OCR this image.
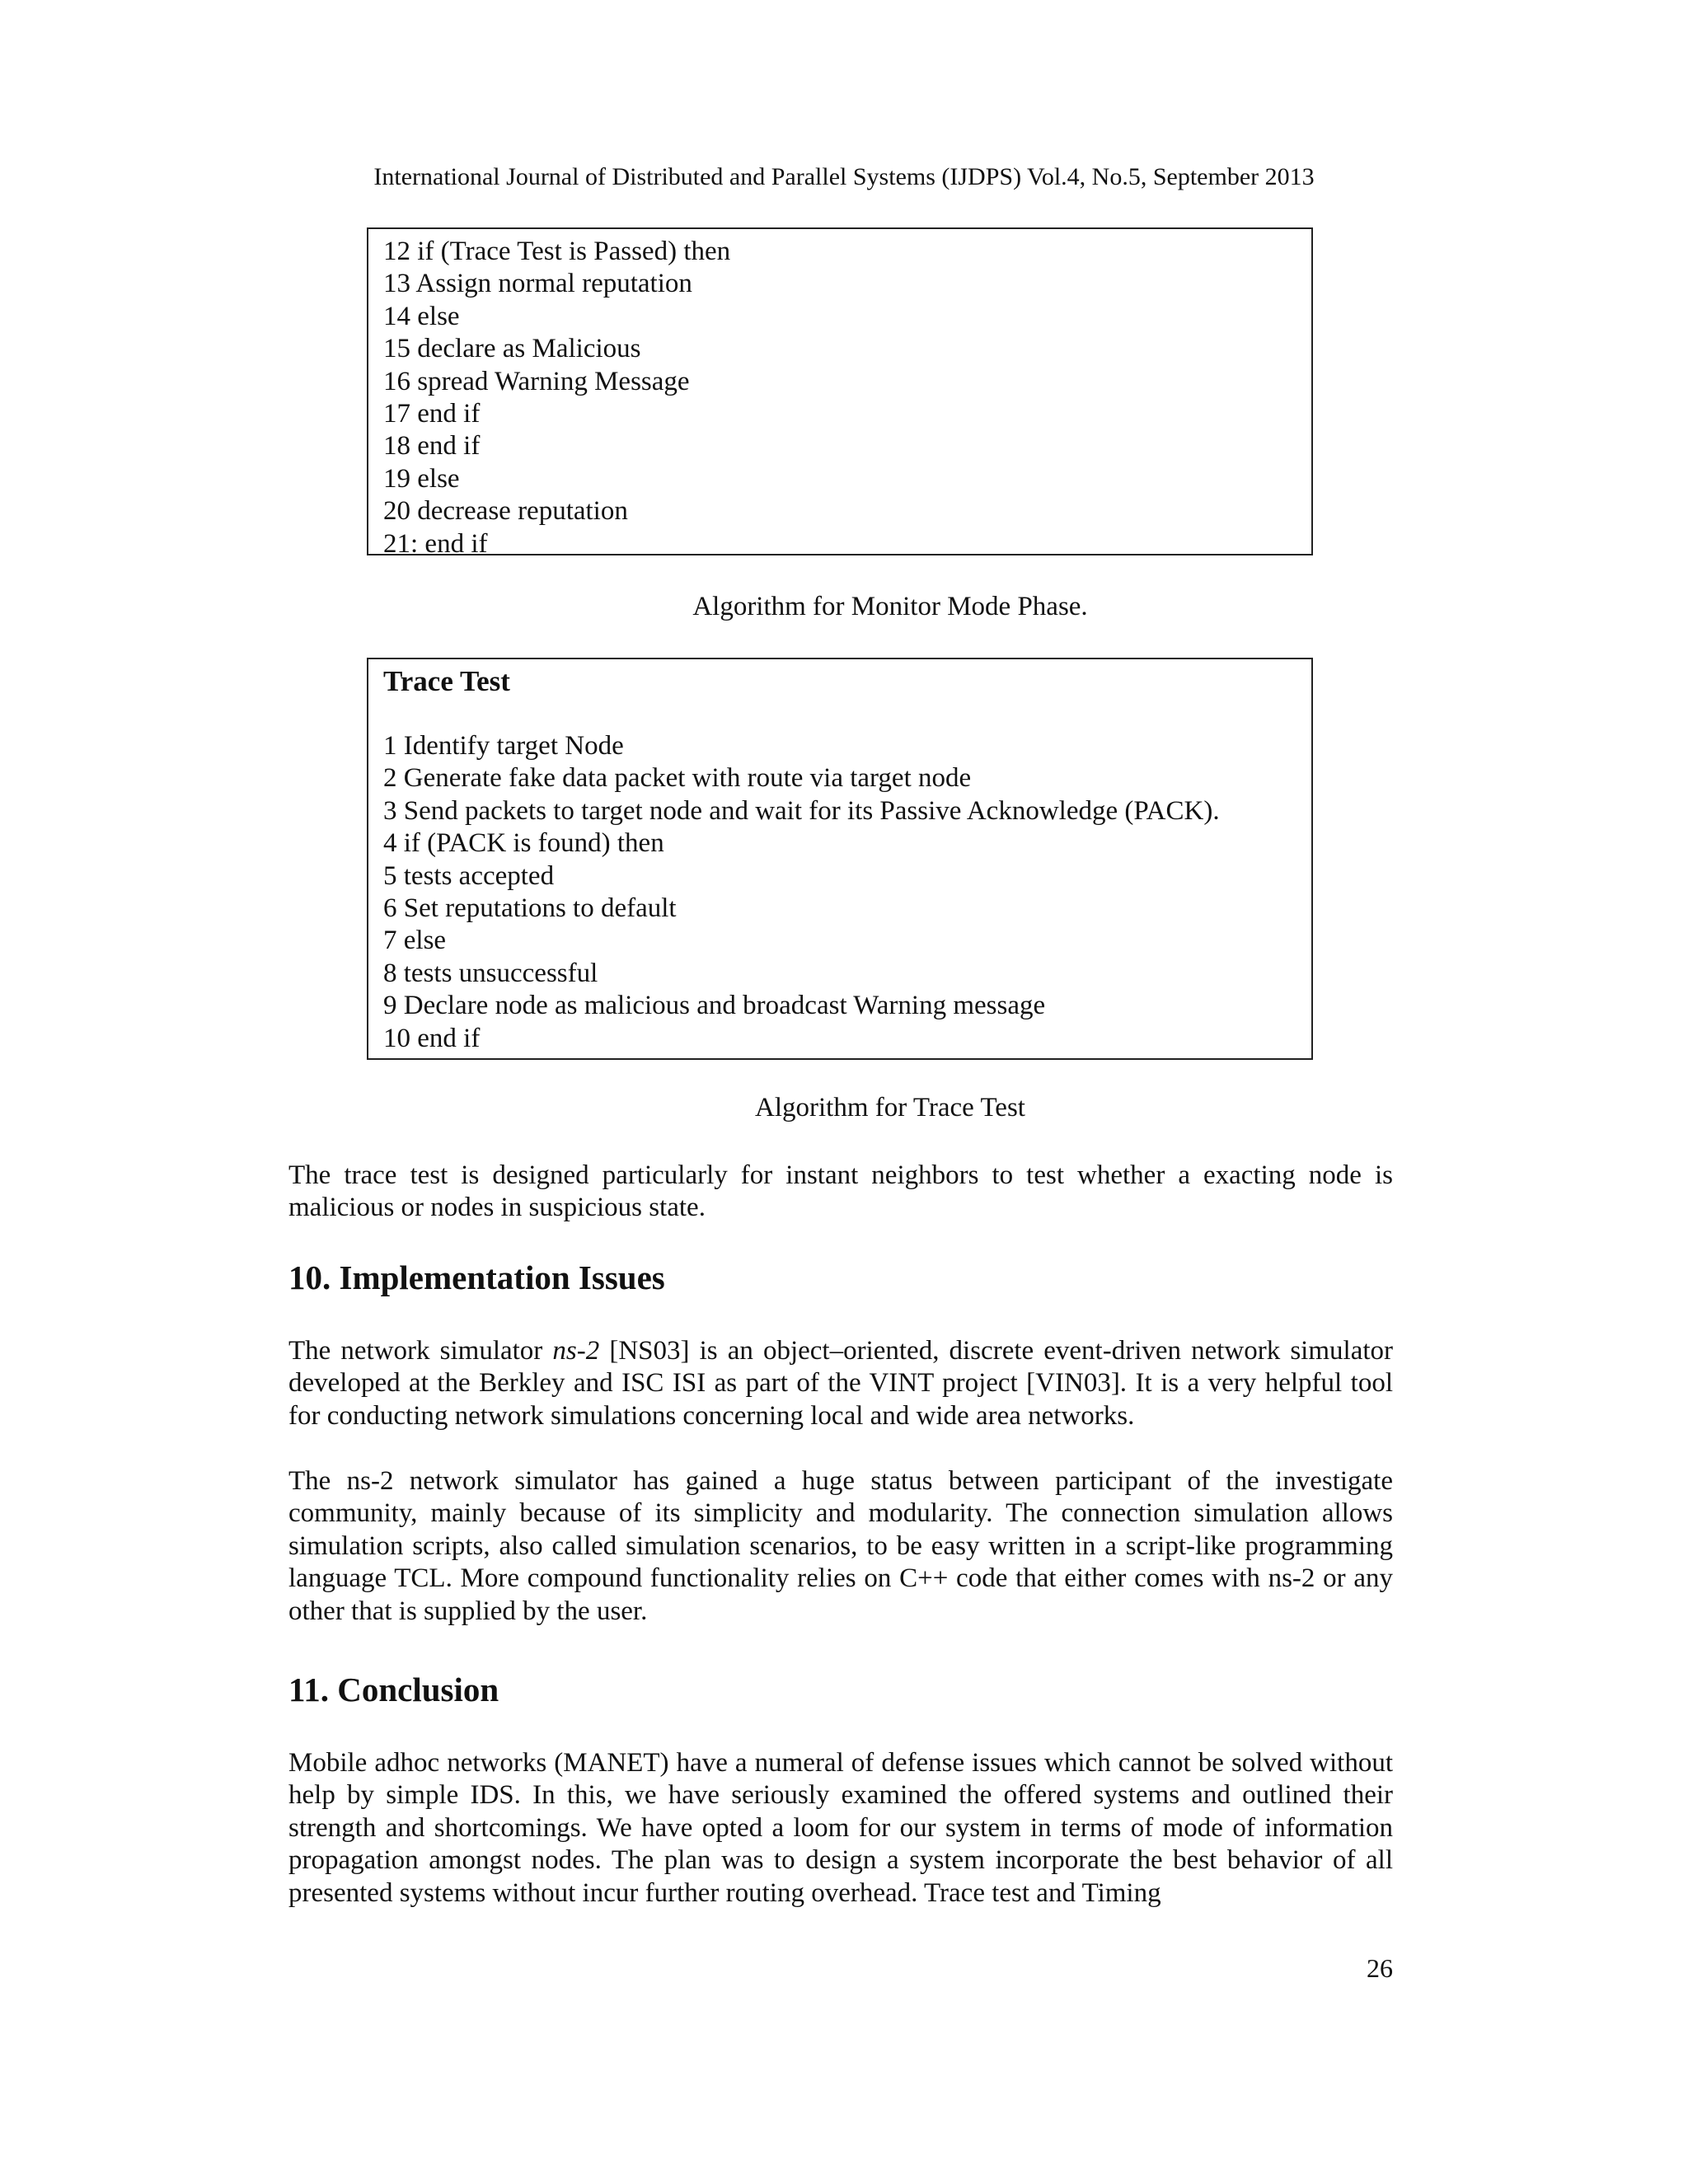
International Journal of Distributed and Parallel Systems (IJDPS) Vol.4, No.5, September 2013
12 if (Trace Test is Passed) then
13 Assign normal reputation
14 else
15 declare as Malicious
16 spread Warning Message
17 end if
18 end if
19 else
20 decrease reputation
21: end if
Algorithm for Monitor Mode Phase.
Trace Test
1 Identify target Node
2 Generate fake data packet with route via target node
3 Send packets to target node and wait for its Passive Acknowledge (PACK).
4 if (PACK is found) then
5 tests accepted
6 Set reputations to default
7 else
8 tests unsuccessful
9 Declare node as malicious and broadcast Warning message
10 end if
Algorithm for Trace Test
The trace test is designed particularly for instant neighbors to test whether a exacting node is malicious or nodes in suspicious state.
10. Implementation Issues
The network simulator ns-2 [NS03] is an object–oriented, discrete event-driven network simulator developed at the Berkley and ISC ISI as part of the VINT project [VIN03]. It is a very helpful tool for conducting network simulations concerning local and wide area networks.
The ns-2 network simulator has gained a huge status between participant of the investigate community, mainly because of its simplicity and modularity. The connection simulation allows simulation scripts, also called simulation scenarios, to be easy written in a script-like programming language TCL. More compound functionality relies on C++ code that either comes with ns-2 or any other that is supplied by the user.
11. Conclusion
Mobile adhoc networks (MANET) have a numeral of defense issues which cannot be solved without help by simple IDS. In this, we have seriously examined the offered systems and outlined their strength and shortcomings. We have opted a loom for our system in terms of mode of information propagation amongst nodes. The plan was to design a system incorporate the best behavior of all presented systems without incur further routing overhead. Trace test and Timing
26
